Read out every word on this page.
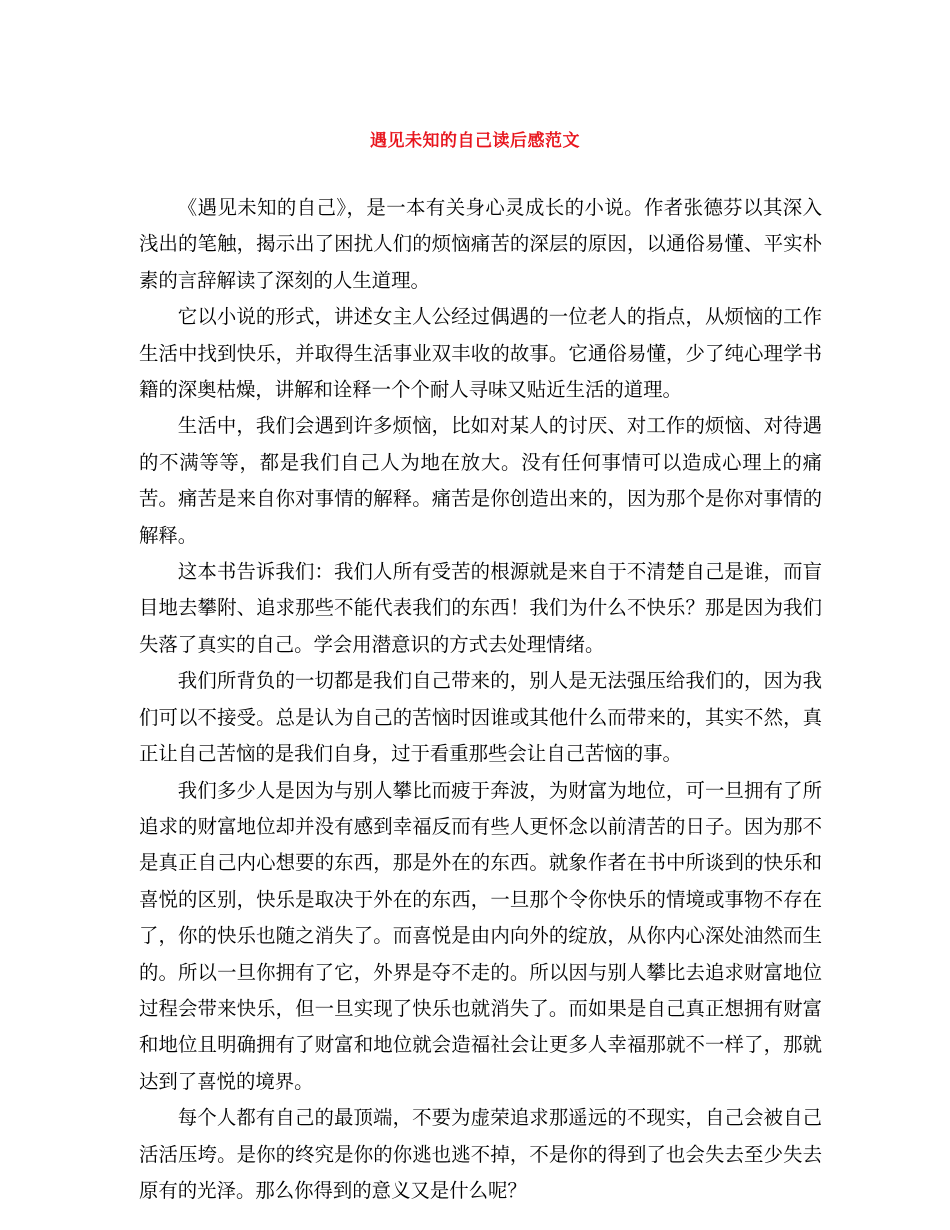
遇见未知的自己读后感范文

《遇见未知的自己》，是一本有关身心灵成长的小说。作者张德芬以其深入浅出的笔触，揭示出了困扰人们的烦恼痛苦的深层的原因，以通俗易懂、平实朴素的言辞解读了深刻的人生道理。

它以小说的形式，讲述女主人公经过偶遇的一位老人的指点，从烦恼的工作生活中找到快乐，并取得生活事业双丰收的故事。它通俗易懂，少了纯心理学书籍的深奥枯燥，讲解和诠释一个个耐人寻味又贴近生活的道理。

生活中，我们会遇到许多烦恼，比如对某人的讨厌、对工作的烦恼、对待遇的不满等等，都是我们自己人为地在放大。没有任何事情可以造成心理上的痛苦。痛苦是来自你对事情的解释。痛苦是你创造出来的，因为那个是你对事情的解释。

这本书告诉我们：我们人所有受苦的根源就是来自于不清楚自己是谁，而盲目地去攀附、追求那些不能代表我们的东西！我们为什么不快乐？那是因为我们失落了真实的自己。学会用潜意识的方式去处理情绪。

我们所背负的一切都是我们自己带来的，别人是无法强压给我们的，因为我们可以不接受。总是认为自己的苦恼时因谁或其他什么而带来的，其实不然，真正让自己苦恼的是我们自身，过于看重那些会让自己苦恼的事。

我们多少人是因为与别人攀比而疲于奔波，为财富为地位，可一旦拥有了所追求的财富地位却并没有感到幸福反而有些人更怀念以前清苦的日子。因为那不是真正自己内心想要的东西，那是外在的东西。就象作者在书中所谈到的快乐和喜悦的区别，快乐是取决于外在的东西，一旦那个令你快乐的情境或事物不存在了，你的快乐也随之消失了。而喜悦是由内向外的绽放，从你内心深处油然而生的。所以一旦你拥有了它，外界是夺不走的。所以因与别人攀比去追求财富地位过程会带来快乐，但一旦实现了快乐也就消失了。而如果是自己真正想拥有财富和地位且明确拥有了财富和地位就会造福社会让更多人幸福那就不一样了，那就达到了喜悦的境界。

每个人都有自己的最顶端，不要为虚荣追求那遥远的不现实，自己会被自己活活压垮。是你的终究是你的你逃也逃不掉，不是你的得到了也会失去至少失去原有的光泽。那么你得到的意义又是什么呢？
